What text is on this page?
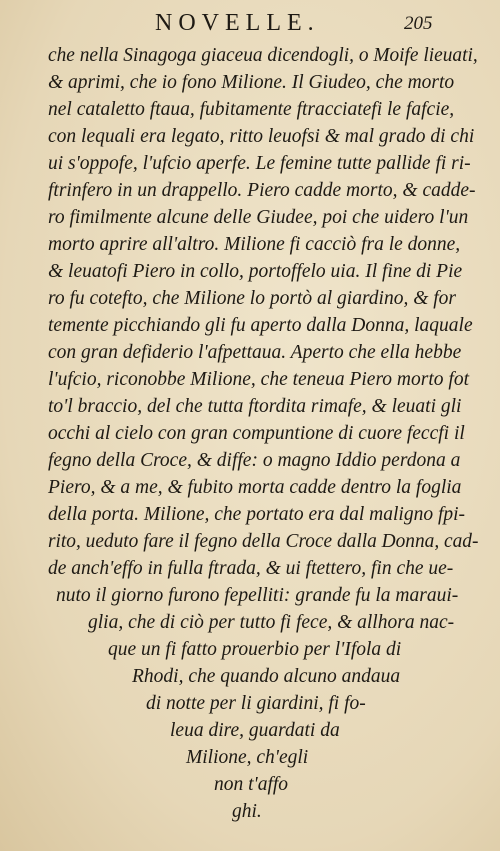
NOVELLE.	205
che nella Sinagoga giaceua dicendogli, o Moife lieuati,
& aprimi, che io fono Milione. Il Giudeo, che morto
nel cataletto ftaua, fubitamente ftracciatefi le fafcie,
con lequali era legato, ritto leuofsi & mal grado di chi
ui s'oppofe, l'ufcio aperfe. Le femine tutte pallide fi ri-
ftrinfero in un drappello. Piero cadde morto, & cadde-
ro fimilmente alcune delle Giudee, poi che uidero l'un
morto aprire all'altro. Milione fi cacciò fra le donne,
& leuatofi Piero in collo, portoffelo uia. Il fine di Pie
ro fu cotefto, che Milione lo portò al giardino, & for
temente picchiando gli fu aperto dalla Donna, laquale
con gran defiderio l'afpettaua. Aperto che ella hebbe
l'ufcio, riconobbe Milione, che teneua Piero morto fot
to'l braccio, del che tutta ftordita rimafe, & leuati gli
occhi al cielo con gran compuntione di cuore feccfi il
fegno della Croce, & diffe: o magno Iddio perdona a
Piero, & a me, & fubito morta cadde dentro la foglia
della porta. Milione, che portato era dal maligno fpi-
rito, ueduto fare il fegno della Croce dalla Donna, cad-
de anch'effo in fulla ftrada, & ui ftettero, fin che ue-
nuto il giorno furono fepelliti: grande fu la maraui-
glia, che di ciò per tutto fi fece, & allhora nac-
que un fi fatto prouerbio per l'Ifola di
Rhodi, che quando alcuno andaua
di notte per li giardini, fi fo-
leua dire, guardati da
Milione, ch'egli
non t'affo
ghi.
